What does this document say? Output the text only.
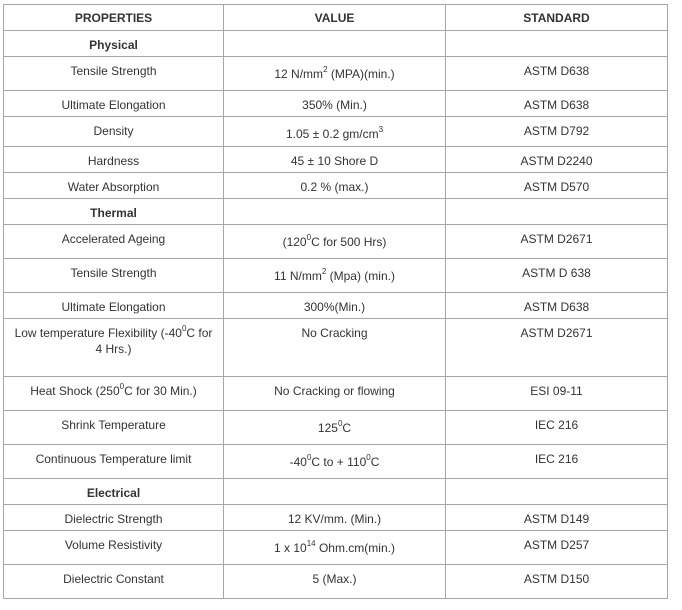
PROPERTIES	VALUE	STANDARD
Physical		
Tensile Strength	12 $N/mm^2$ (MPA)(min.)	ASTM D638
Ultimate Elongation	350% (Min.)	ASTM D638
Density	1.05 ± 0.2 $gm/cm^3$	ASTM D792
Hardness	45 ± 10 Shore D	ASTM D2240
Water Absorption	0.2 % (max.)	ASTM D570
Thermal		
Accelerated Ageing	($120^0C$ for 500 Hrs)	ASTM D2671
Tensile Strength	11 $N/mm^2$ (Mpa) (min.)	ASTM D 638
Ultimate Elongation	300%(Min.)	ASTM D638
Low temperature Flexibility ($-40^0C$ for 4 Hrs.)	No Cracking	ASTM D2671
Heat Shock ($250^0C$ for 30 Min.)	No Cracking or flowing	ESI 09-11
Shrink Temperature	$125^0C$	IEC 216
Continuous Temperature limit	$-40^0C$ to + $110^0C$	IEC 216
Electrical		
Dielectric Strength	12 KV/mm. (Min.)	ASTM D149
Volume Resistivity	1 x $10^{14}$ Ohm.cm(min.)	ASTM D257
Dielectric Constant	5 (Max.)	ASTM D150
